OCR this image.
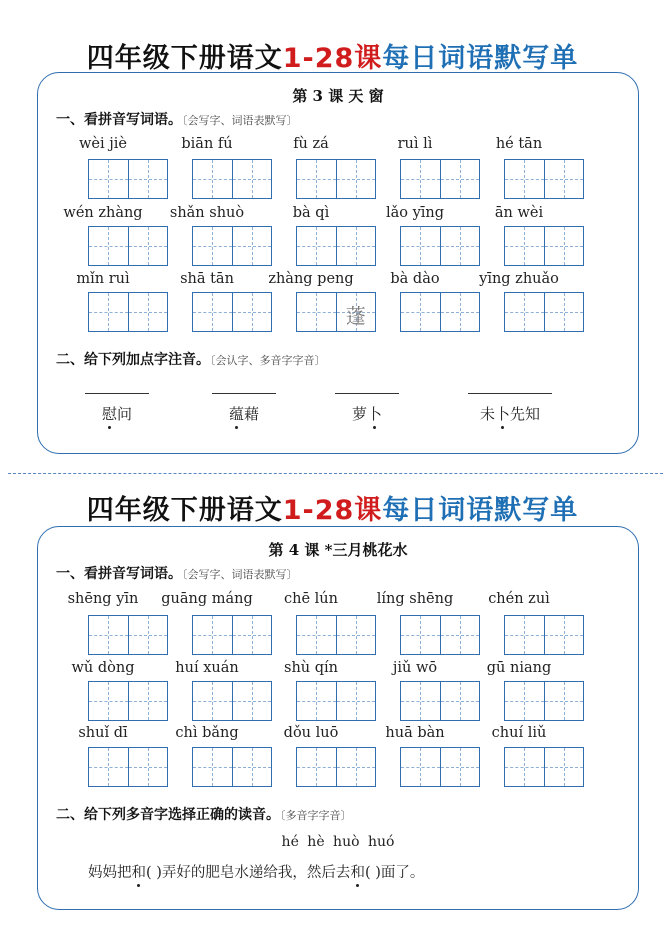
四年级下册语文1-28课每日词语默写单
第 3 课 天 窗
一、看拼音写词语。〔会写字、词语表默写〕
wèi jiè	biān fú	fù zá	ruì lì	hé tān
wén zhàng	shǎn shuò	bà qì	lǎo yīng	ān wèi
mǐn ruì	shā tān	zhàng peng	bà dào	yīng zhuǎo
蓬
二、给下列加点字注音。〔会认字、多音字字音〕
慰问	蕴藉	萝卜	未卜先知
四年级下册语文1-28课每日词语默写单
第 4 课 *三月桃花水
一、看拼音写词语。〔会写字、词语表默写〕
shēng yīn	guāng máng	chē lún	líng shēng	chén zuì
wǔ dòng	huí xuán	shù qín	jiǔ wō	gū niang
shuǐ dī	chì bǎng	dǒu luō	huā bàn	chuí liǔ
二、给下列多音字选择正确的读音。〔多音字字音〕
hé hè huò huó
妈妈把和( )弄好的肥皂水递给我，然后去和( )面了。
